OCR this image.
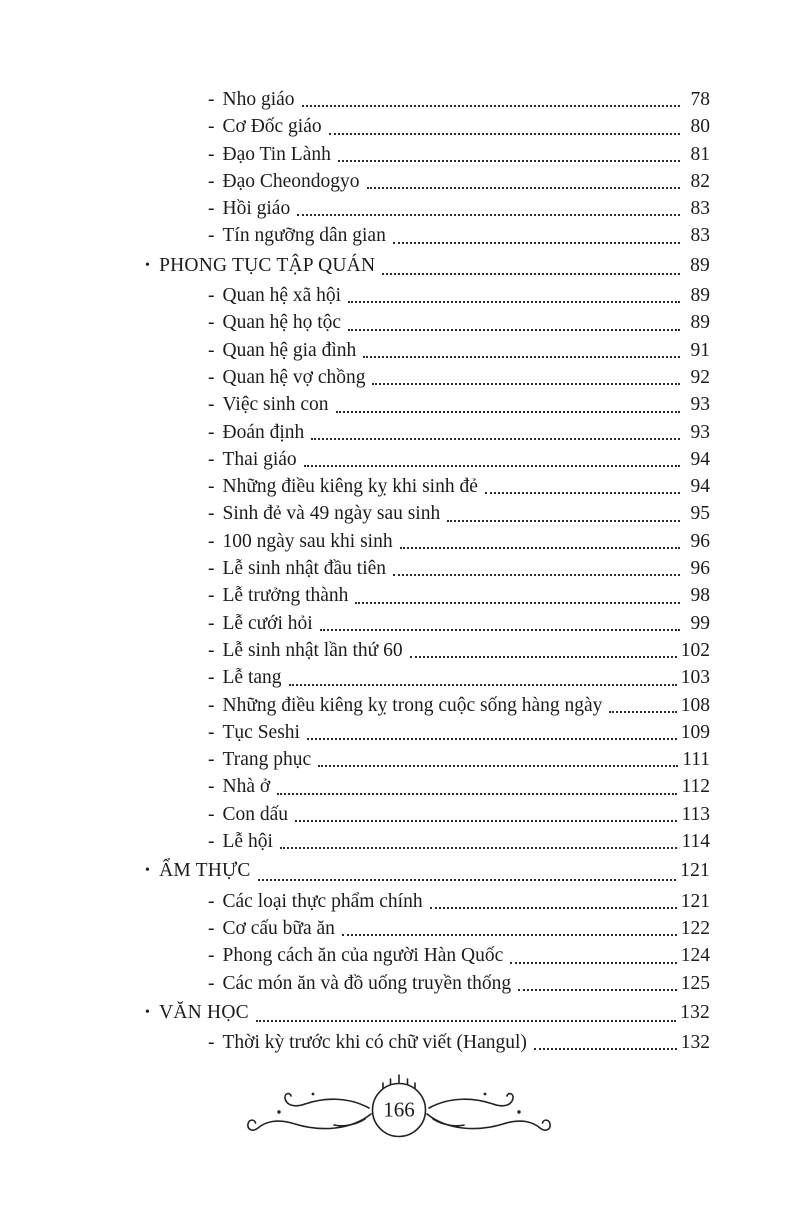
- Nho giáo	78
- Cơ Đốc giáo	80
- Đạo Tin Lành	81
- Đạo Cheondogyo	82
- Hồi giáo	83
- Tín ngưỡng dân gian	83
• PHONG TỤC TẬP QUÁN	89
- Quan hệ xã hội	89
- Quan hệ họ tộc	89
- Quan hệ gia đình	91
- Quan hệ vợ chồng	92
- Việc sinh con	93
- Đoán định	93
- Thai giáo	94
- Những điều kiêng kỵ khi sinh đẻ	94
- Sinh đẻ và 49 ngày sau sinh	95
- 100 ngày sau khi sinh	96
- Lễ sinh nhật đầu tiên	96
- Lễ trưởng thành	98
- Lễ cưới hỏi	99
- Lễ sinh nhật lần thứ 60	102
- Lễ tang	103
- Những điều kiêng kỵ trong cuộc sống hàng ngày	108
- Tục Seshi	109
- Trang phục	111
- Nhà ở	112
- Con dấu	113
- Lễ hội	114
• ẨM THỰC	121
- Các loại thực phẩm chính	121
- Cơ cấu bữa ăn	122
- Phong cách ăn của người Hàn Quốc	124
- Các món ăn và đồ uống truyền thống	125
• VĂN HỌC	132
- Thời kỳ trước khi có chữ viết (Hangul)	132
166
